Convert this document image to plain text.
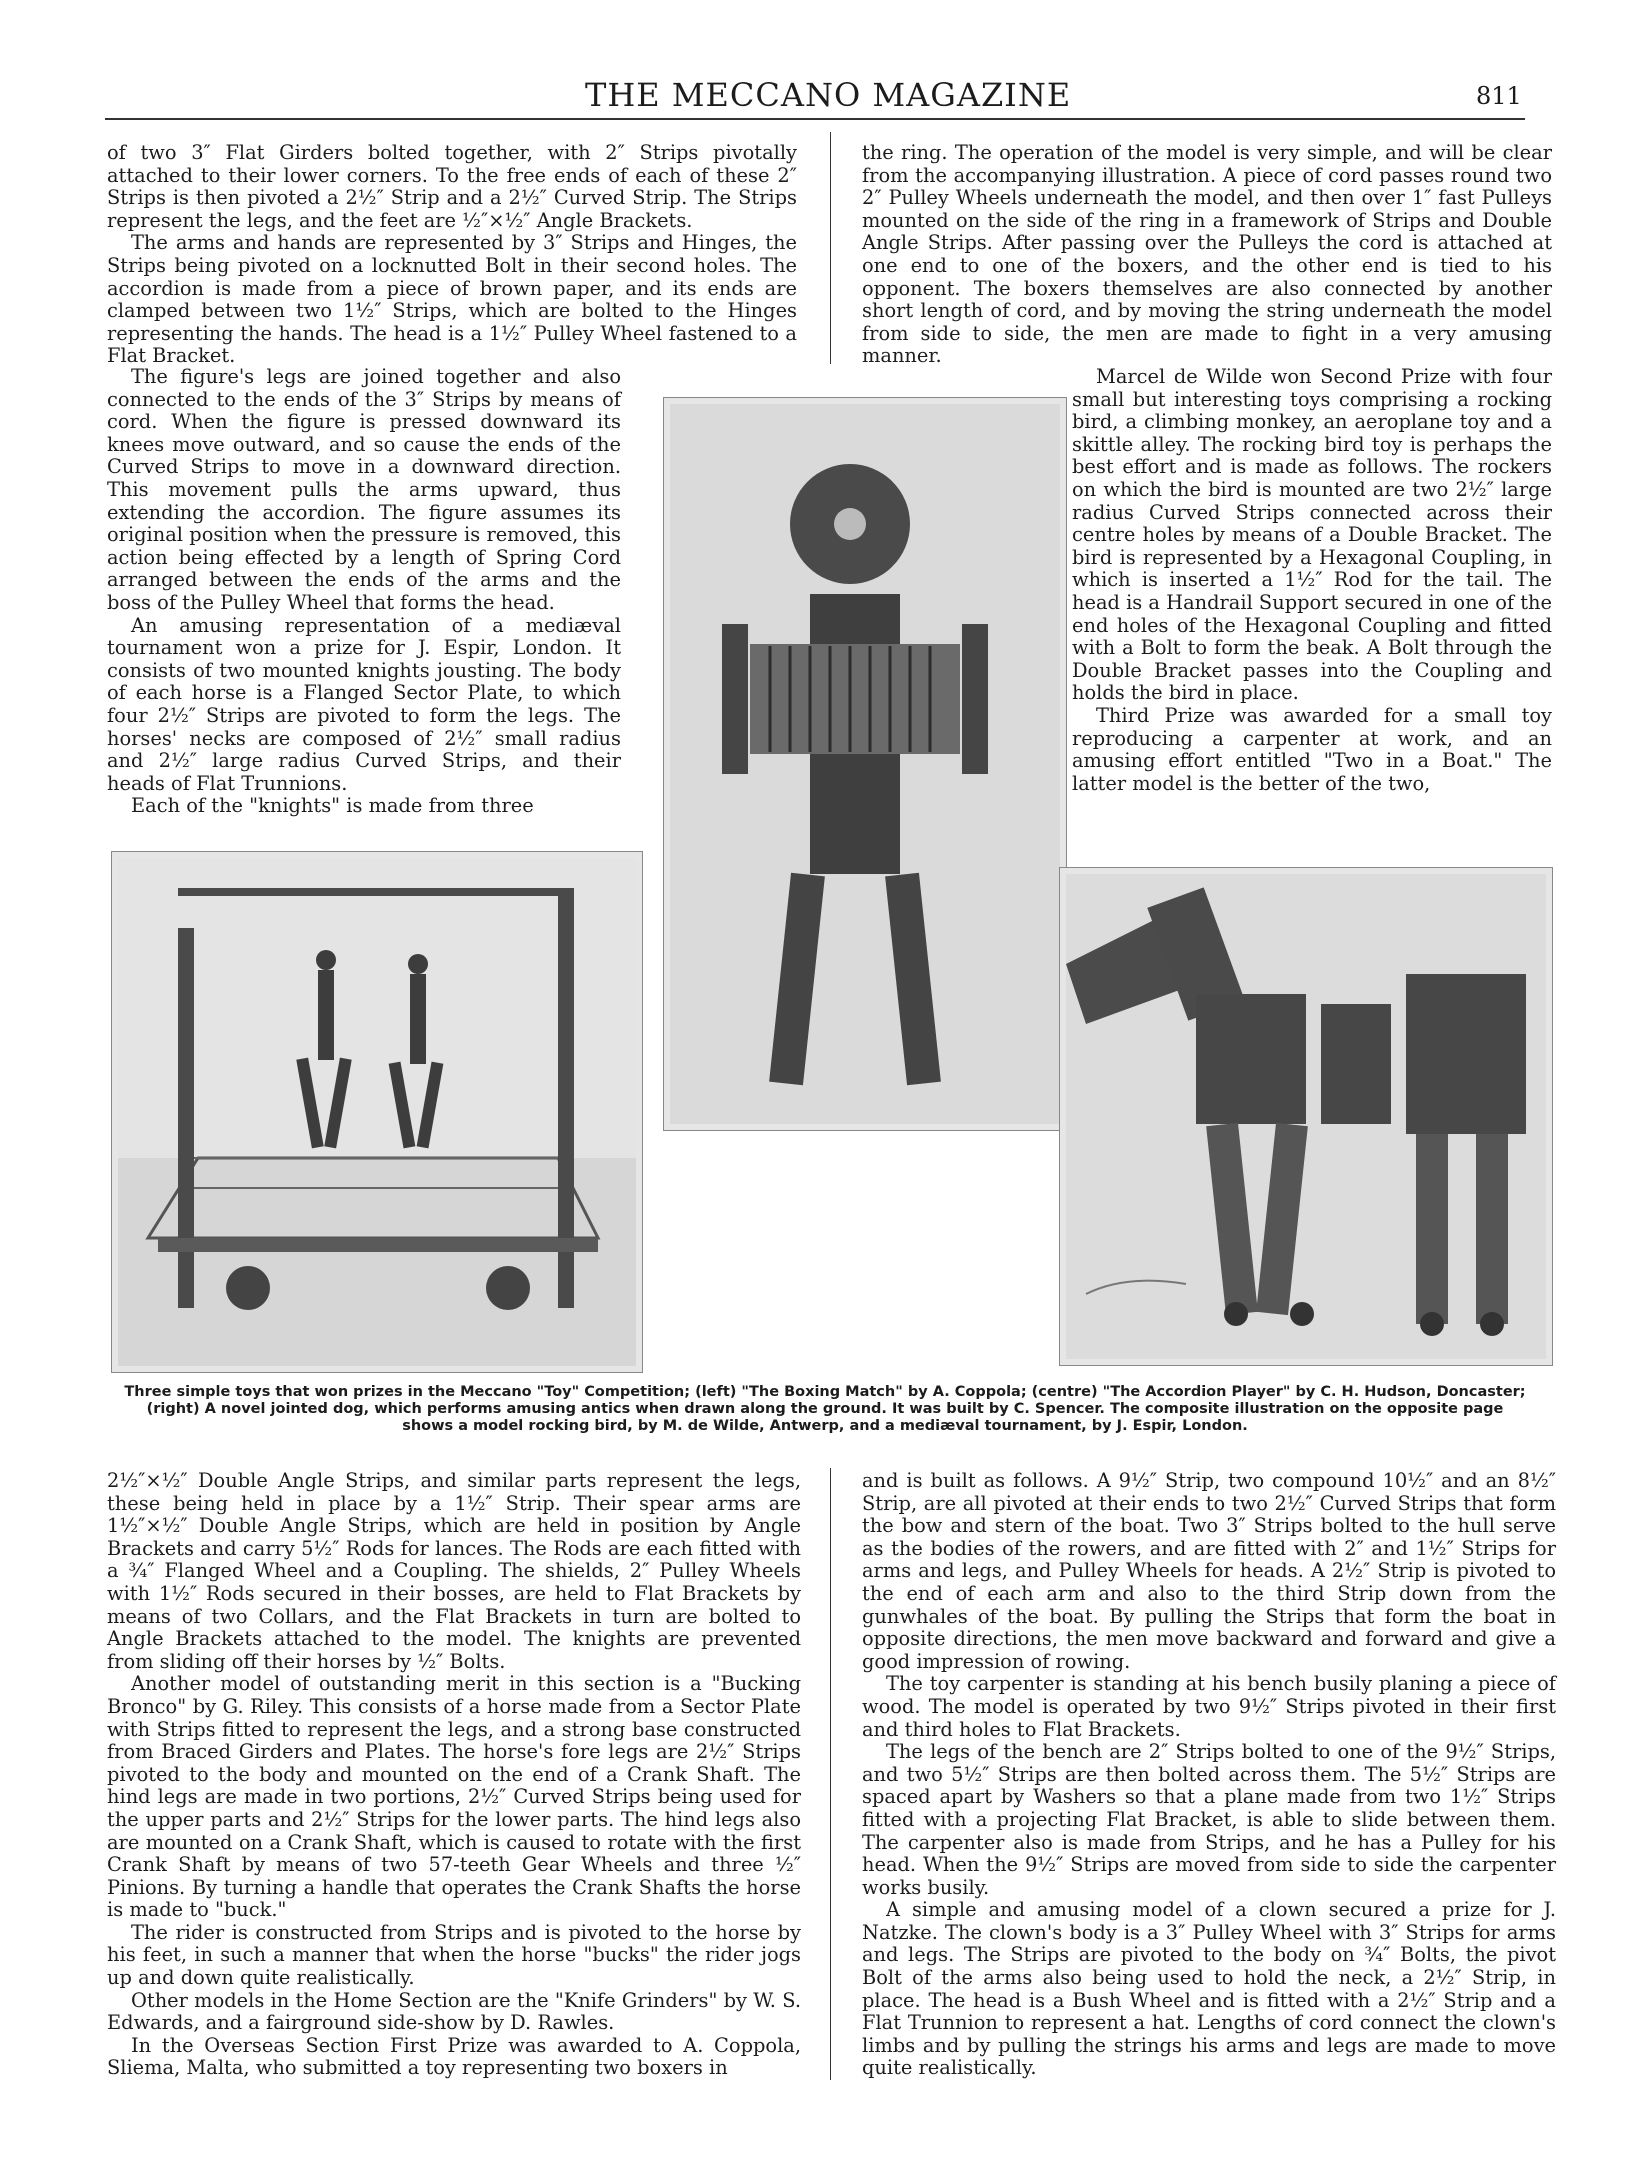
THE MECCANO MAGAZINE	811

of two 3″ Flat Girders bolted together, with 2″ Strips pivotally attached to their lower corners. To the free ends of each of these 2″ Strips is then pivoted a 2½″ Strip and a 2½″ Curved Strip. The Strips represent the legs, and the feet are ½″×½″ Angle Brackets.

The arms and hands are represented by 3″ Strips and Hinges, the Strips being pivoted on a locknutted Bolt in their second holes. The accordion is made from a piece of brown paper, and its ends are clamped between two 1½″ Strips, which are bolted to the Hinges representing the hands. The head is a 1½″ Pulley Wheel fastened to a Flat Bracket.

The figure's legs are joined together and also connected to the ends of the 3″ Strips by means of cord. When the figure is pressed downward its knees move outward, and so cause the ends of the Curved Strips to move in a downward direction. This movement pulls the arms upward, thus extending the accordion. The figure assumes its original position when the pressure is removed, this action being effected by a length of Spring Cord arranged between the ends of the arms and the boss of the Pulley Wheel that forms the head.

An amusing representation of a mediæval tournament won a prize for J. Espir, London. It consists of two mounted knights jousting. The body of each horse is a Flanged Sector Plate, to which four 2½″ Strips are pivoted to form the legs. The horses' necks are composed of 2½″ small radius and 2½″ large radius Curved Strips, and their heads of Flat Trunnions.

Each of the "knights" is made from three

the ring. The operation of the model is very simple, and will be clear from the accompanying illustration. A piece of cord passes round two 2″ Pulley Wheels underneath the model, and then over 1″ fast Pulleys mounted on the side of the ring in a framework of Strips and Double Angle Strips. After passing over the Pulleys the cord is attached at one end to one of the boxers, and the other end is tied to his opponent. The boxers themselves are also connected by another short length of cord, and by moving the string underneath the model from side to side, the men are made to fight in a very amusing manner.

Marcel de Wilde won Second Prize with four small but interesting toys comprising a rocking bird, a climbing monkey, an aeroplane toy and a skittle alley. The rocking bird toy is perhaps the best effort and is made as follows. The rockers on which the bird is mounted are two 2½″ large radius Curved Strips connected across their centre holes by means of a Double Bracket. The bird is represented by a Hexagonal Coupling, in which is inserted a 1½″ Rod for the tail. The head is a Handrail Support secured in one of the end holes of the Hexagonal Coupling and fitted with a Bolt to form the beak. A Bolt through the Double Bracket passes into the Coupling and holds the bird in place.

Third Prize was awarded for a small toy reproducing a carpenter at work, and an amusing effort entitled "Two in a Boat." The latter model is the better of the two,

Three simple toys that won prizes in the Meccano "Toy" Competition; (left) "The Boxing Match" by A. Coppola; (centre) "The Accordion Player" by C. H. Hudson, Doncaster; (right) A novel jointed dog, which performs amusing antics when drawn along the ground. It was built by C. Spencer. The composite illustration on the opposite page shows a model rocking bird, by M. de Wilde, Antwerp, and a mediæval tournament, by J. Espir, London.

2½″×½″ Double Angle Strips, and similar parts represent the legs, these being held in place by a 1½″ Strip. Their spear arms are 1½″×½″ Double Angle Strips, which are held in position by Angle Brackets and carry 5½″ Rods for lances. The Rods are each fitted with a ¾″ Flanged Wheel and a Coupling. The shields, 2″ Pulley Wheels with 1½″ Rods secured in their bosses, are held to Flat Brackets by means of two Collars, and the Flat Brackets in turn are bolted to Angle Brackets attached to the model. The knights are prevented from sliding off their horses by ½″ Bolts.

Another model of outstanding merit in this section is a "Bucking Bronco" by G. Riley. This consists of a horse made from a Sector Plate with Strips fitted to represent the legs, and a strong base constructed from Braced Girders and Plates. The horse's fore legs are 2½″ Strips pivoted to the body and mounted on the end of a Crank Shaft. The hind legs are made in two portions, 2½″ Curved Strips being used for the upper parts and 2½″ Strips for the lower parts. The hind legs also are mounted on a Crank Shaft, which is caused to rotate with the first Crank Shaft by means of two 57-teeth Gear Wheels and three ½″ Pinions. By turning a handle that operates the Crank Shafts the horse is made to "buck."

The rider is constructed from Strips and is pivoted to the horse by his feet, in such a manner that when the horse "bucks" the rider jogs up and down quite realistically.

Other models in the Home Section are the "Knife Grinders" by W. S. Edwards, and a fairground side-show by D. Rawles.

In the Overseas Section First Prize was awarded to A. Coppola, Sliema, Malta, who submitted a toy representing two boxers in

and is built as follows. A 9½″ Strip, two compound 10½″ and an 8½″ Strip, are all pivoted at their ends to two 2½″ Curved Strips that form the bow and stern of the boat. Two 3″ Strips bolted to the hull serve as the bodies of the rowers, and are fitted with 2″ and 1½″ Strips for arms and legs, and Pulley Wheels for heads. A 2½″ Strip is pivoted to the end of each arm and also to the third Strip down from the gunwhales of the boat. By pulling the Strips that form the boat in opposite directions, the men move backward and forward and give a good impression of rowing.

The toy carpenter is standing at his bench busily planing a piece of wood. The model is operated by two 9½″ Strips pivoted in their first and third holes to Flat Brackets.

The legs of the bench are 2″ Strips bolted to one of the 9½″ Strips, and two 5½″ Strips are then bolted across them. The 5½″ Strips are spaced apart by Washers so that a plane made from two 1½″ Strips fitted with a projecting Flat Bracket, is able to slide between them. The carpenter also is made from Strips, and he has a Pulley for his head. When the 9½″ Strips are moved from side to side the carpenter works busily.

A simple and amusing model of a clown secured a prize for J. Natzke. The clown's body is a 3″ Pulley Wheel with 3″ Strips for arms and legs. The Strips are pivoted to the body on ¾″ Bolts, the pivot Bolt of the arms also being used to hold the neck, a 2½″ Strip, in place. The head is a Bush Wheel and is fitted with a 2½″ Strip and a Flat Trunnion to represent a hat. Lengths of cord connect the clown's limbs and by pulling the strings his arms and legs are made to move quite realistically.
